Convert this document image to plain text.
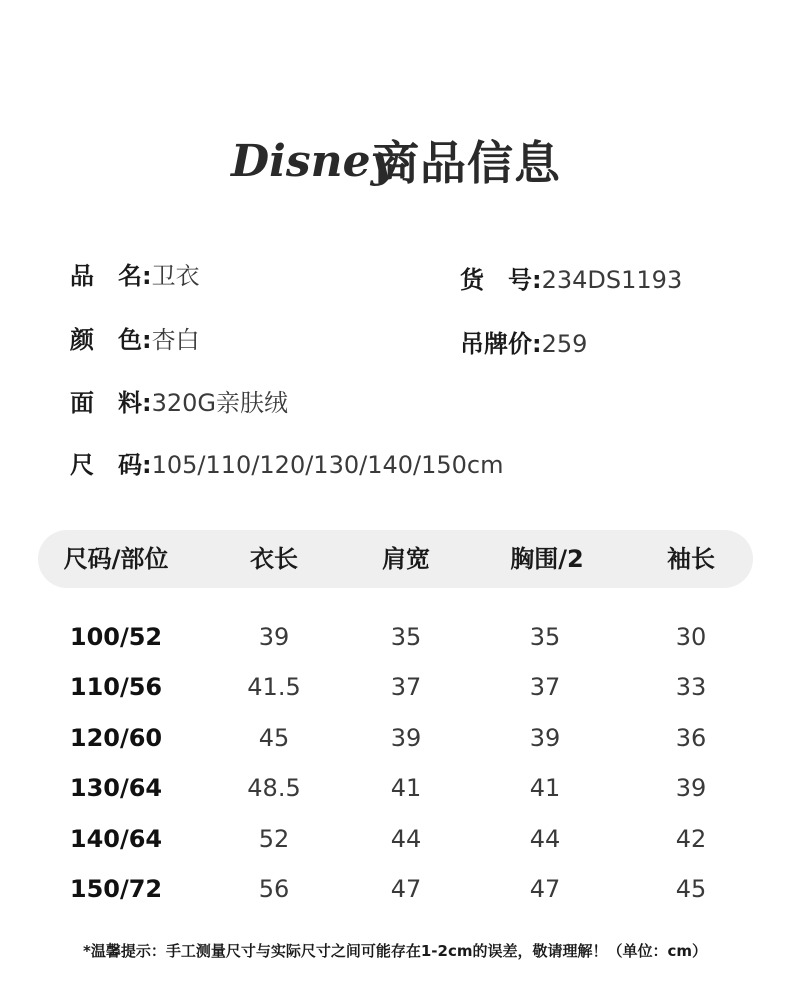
Disney
商品信息
品　名: 卫衣	货　号: 234DS1193
颜　色: 杏白	吊牌价: 259
面　料: 320G亲肤绒
尺　码: 105/110/120/130/140/150cm
尺码/部位	衣长	肩宽	胸围/2	袖长
100/52	39	35	35	30
110/56	41.5	37	37	33
120/60	45	39	39	36
130/64	48.5	41	41	39
140/64	52	44	44	42
150/72	56	47	47	45
*温馨提示：手工测量尺寸与实际尺寸之间可能存在1-2cm的误差，敬请理解！（单位：cm）
